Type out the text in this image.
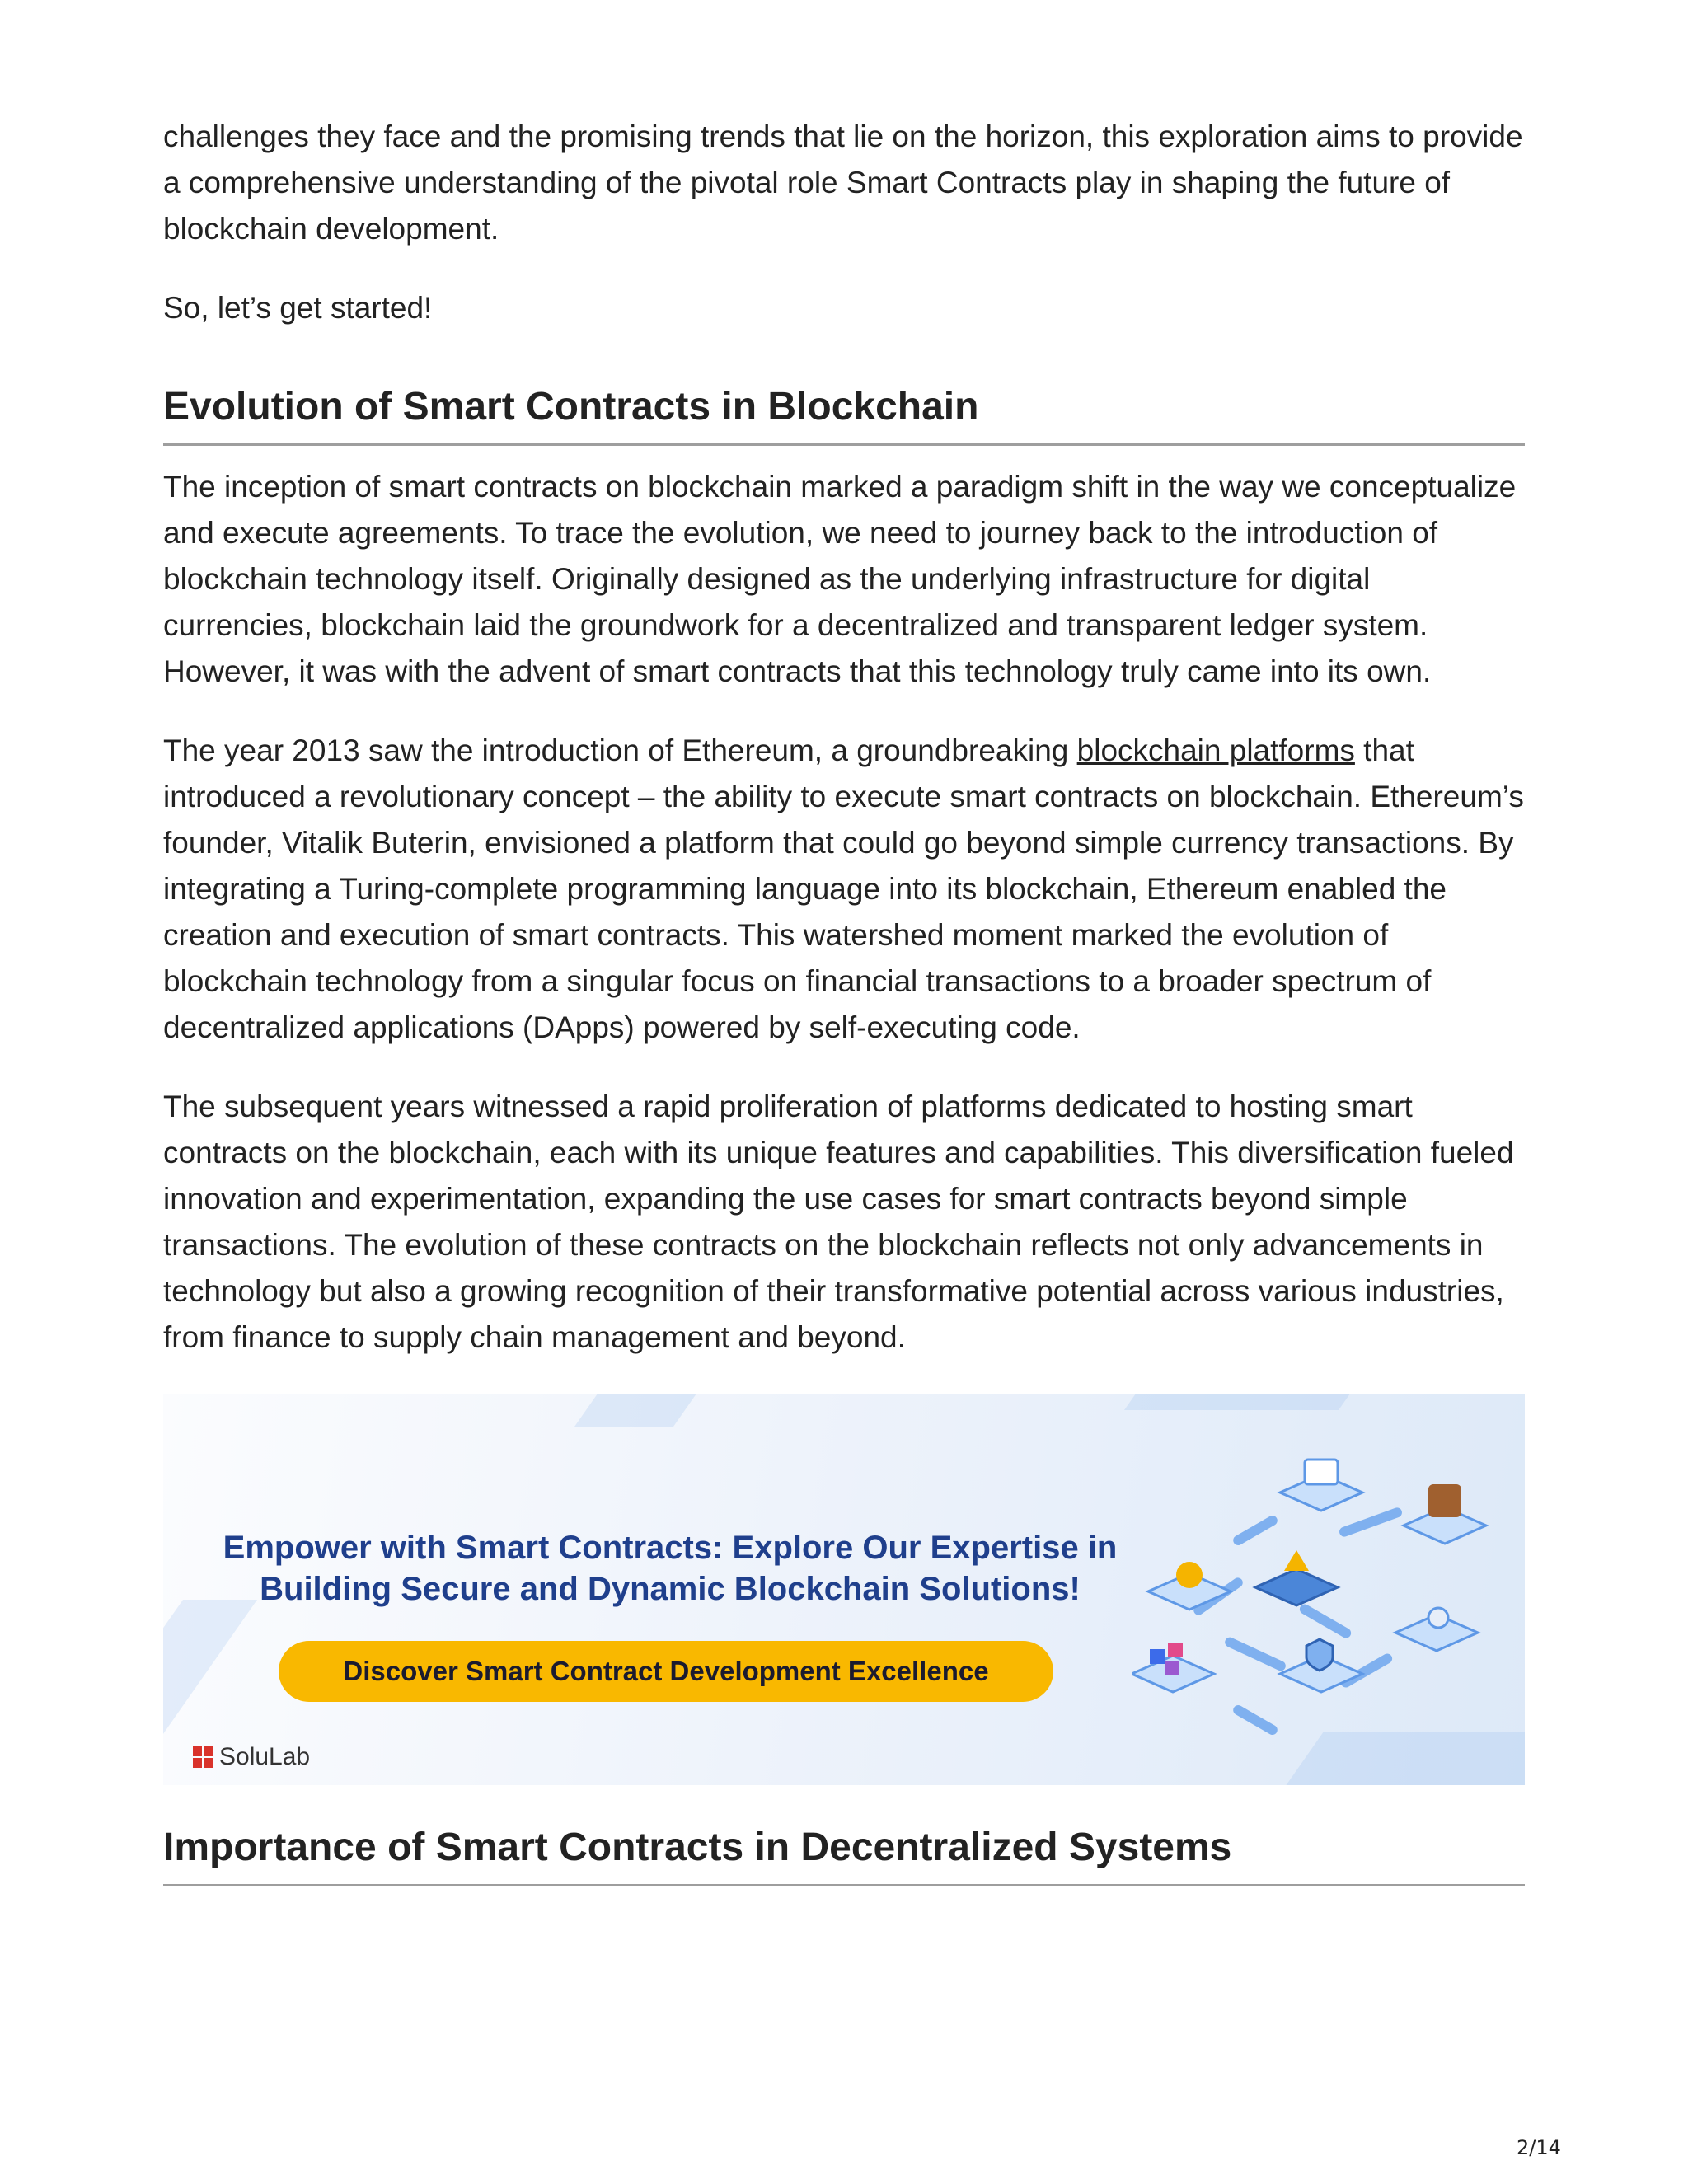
challenges they face and the promising trends that lie on the horizon, this exploration aims to provide a comprehensive understanding of the pivotal role Smart Contracts play in shaping the future of blockchain development.

So, let’s get started!

Evolution of Smart Contracts in Blockchain

The inception of smart contracts on blockchain marked a paradigm shift in the way we conceptualize and execute agreements. To trace the evolution, we need to journey back to the introduction of blockchain technology itself. Originally designed as the underlying infrastructure for digital currencies, blockchain laid the groundwork for a decentralized and transparent ledger system. However, it was with the advent of smart contracts that this technology truly came into its own.

The year 2013 saw the introduction of Ethereum, a groundbreaking blockchain platforms that introduced a revolutionary concept – the ability to execute smart contracts on blockchain. Ethereum’s founder, Vitalik Buterin, envisioned a platform that could go beyond simple currency transactions. By integrating a Turing-complete programming language into its blockchain, Ethereum enabled the creation and execution of smart contracts. This watershed moment marked the evolution of blockchain technology from a singular focus on financial transactions to a broader spectrum of decentralized applications (DApps) powered by self-executing code.

The subsequent years witnessed a rapid proliferation of platforms dedicated to hosting smart contracts on the blockchain, each with its unique features and capabilities. This diversification fueled innovation and experimentation, expanding the use cases for smart contracts beyond simple transactions. The evolution of these contracts on the blockchain reflects not only advancements in technology but also a growing recognition of their transformative potential across various industries, from finance to supply chain management and beyond.

Empower with Smart Contracts: Explore Our Expertise in
Building Secure and Dynamic Blockchain Solutions!
Discover Smart Contract Development Excellence
SoluLab
Importance of Smart Contracts in Decentralized Systems
2/14
